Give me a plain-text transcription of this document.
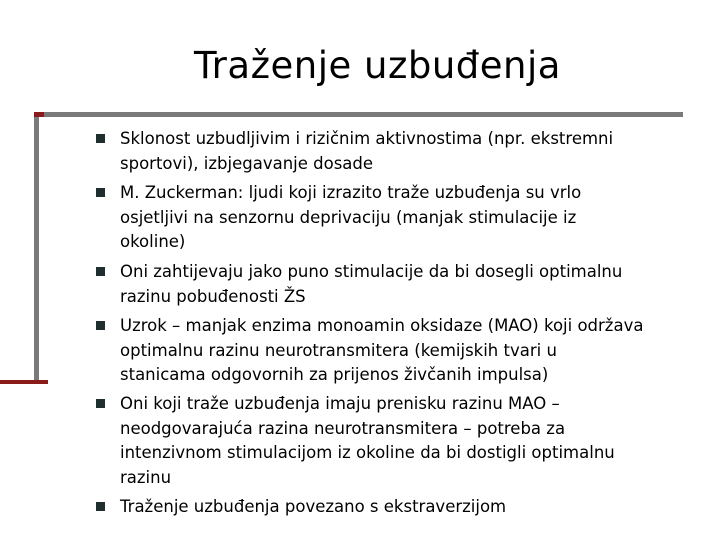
Traženje uzbuđenja
Sklonost uzbudljivim i rizičnim aktivnostima (npr. ekstremni
sportovi), izbjegavanje dosade
M. Zuckerman: ljudi koji izrazito traže uzbuđenja su vrlo
osjetljivi na senzornu deprivaciju (manjak stimulacije iz
okoline)
Oni zahtijevaju jako puno stimulacije da bi dosegli optimalnu
razinu pobuđenosti ŽS
Uzrok – manjak enzima monoamin oksidaze (MAO) koji održava
optimalnu razinu neurotransmitera (kemijskih tvari u
stanicama odgovornih za prijenos živčanih impulsa)
Oni koji traže uzbuđenja imaju prenisku razinu MAO –
neodgovarajuća razina neurotransmitera – potreba za
intenzivnom stimulacijom iz okoline da bi dostigli optimalnu
razinu
Traženje uzbuđenja povezano s ekstraverzijom
